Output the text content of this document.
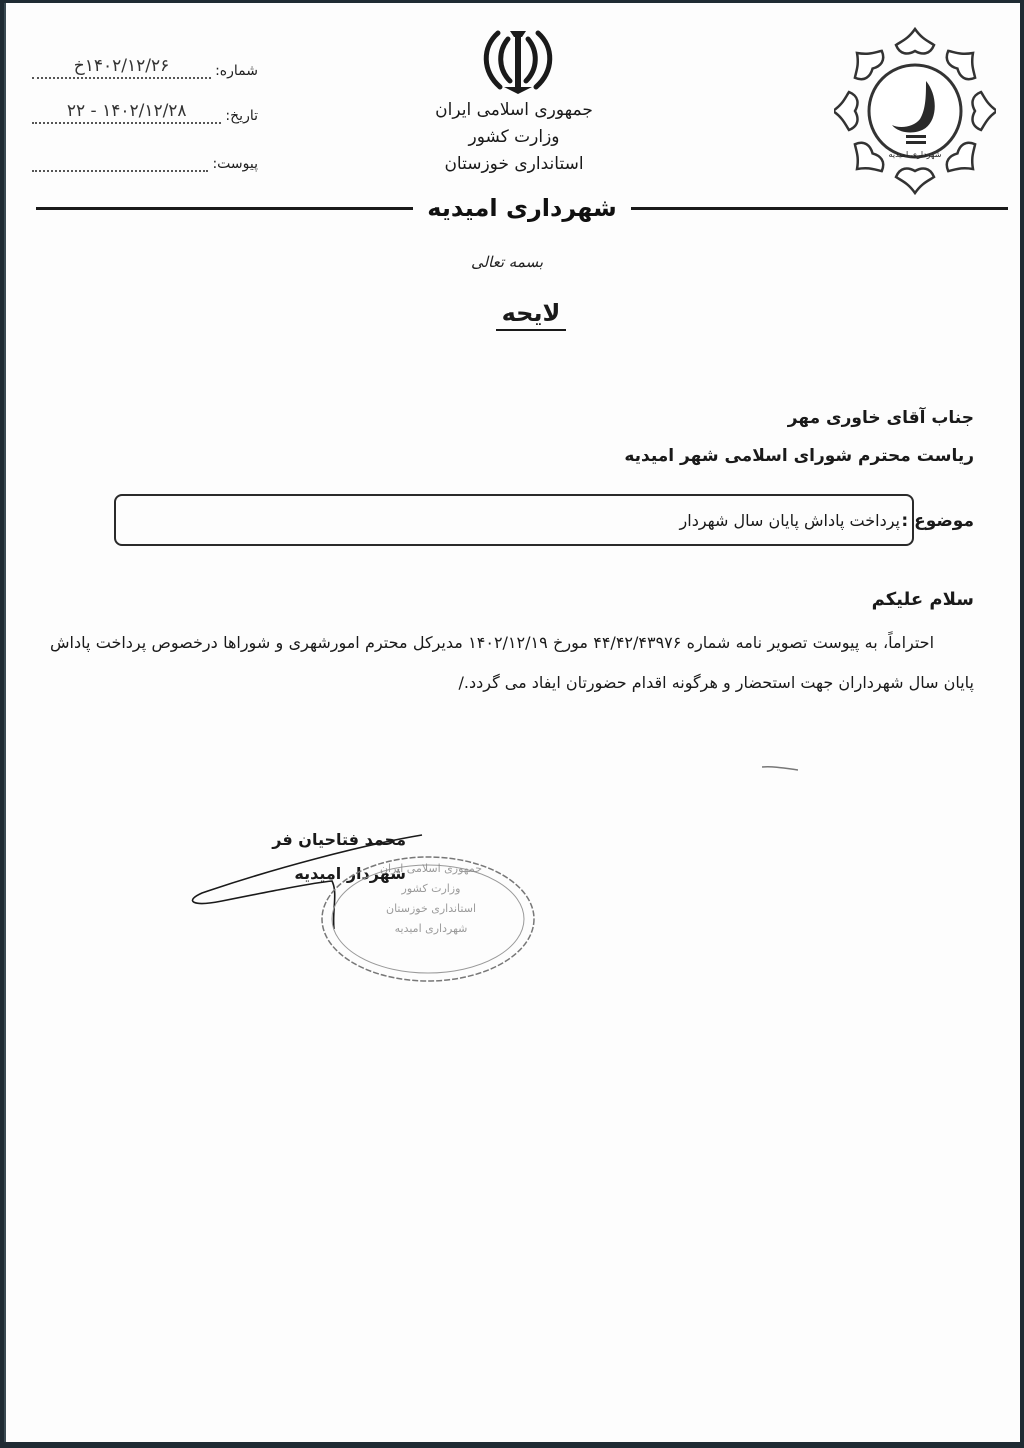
شماره:
۱۴۰۲/۱۲/۲۶خ
تاریخ:
۱۴۰۲/۱۲/۲۸ - ۲۲
پیوست:
جمهوری اسلامی ایران
وزارت کشور
استانداری خوزستان
شهرداری امیدیه
شهرداری امیدیه
بسمه تعالی
لایحه
جناب آقای خاوری مهر
ریاست محترم شورای اسلامی شهر امیدیه
موضوع :
پرداخت پاداش پایان سال شهردار
سلام علیکم
احتراماً، به پیوست تصویر نامه شماره ۴۴/۴۲/۴۳۹۷۶ مورخ ۱۴۰۲/۱۲/۱۹ مدیرکل محترم امورشهری و شوراها درخصوص پرداخت پاداش پایان سال شهرداران جهت استحضار و هرگونه اقدام حضورتان ایفاد می گردد./
محمد فتاحیان فر
شهردار امیدیه
جمهوری اسلامی ایران
وزارت کشور
استانداری خوزستان
شهرداری امیدیه
